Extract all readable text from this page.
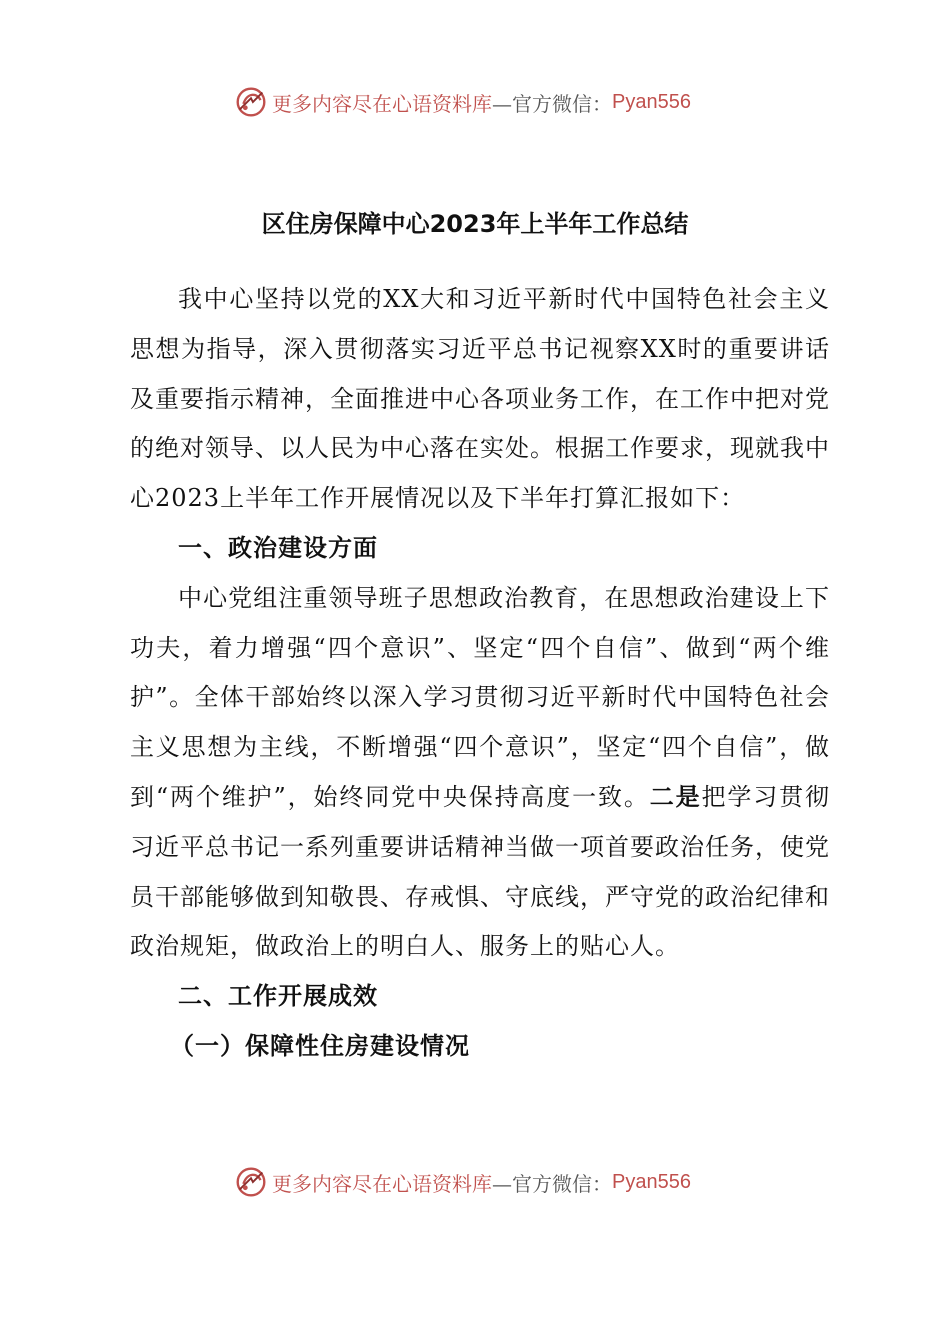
更多内容尽在心语资料库 —官方微信： Pyan556
区住房保障中心2023年上半年工作总结

我中心坚持以党的XX大和习近平新时代中国特色社会主义思想为指导，深入贯彻落实习近平总书记视察XX时的重要讲话及重要指示精神，全面推进中心各项业务工作，在工作中把对党的绝对领导、以人民为中心落在实处。根据工作要求，现就我中心2023上半年工作开展情况以及下半年打算汇报如下：

一、政治建设方面

中心党组注重领导班子思想政治教育，在思想政治建设上下功夫，着力增强“四个意识”、坚定“四个自信”、做到“两个维护”。全体干部始终以深入学习贯彻习近平新时代中国特色社会主义思想为主线，不断增强“四个意识”，坚定“四个自信”，做到“两个维护”，始终同党中央保持高度一致。二是把学习贯彻习近平总书记一系列重要讲话精神当做一项首要政治任务，使党员干部能够做到知敬畏、存戒惧、守底线，严守党的政治纪律和政治规矩，做政治上的明白人、服务上的贴心人。

二、工作开展成效

（一）保障性住房建设情况

更多内容尽在心语资料库 —官方微信： Pyan556
